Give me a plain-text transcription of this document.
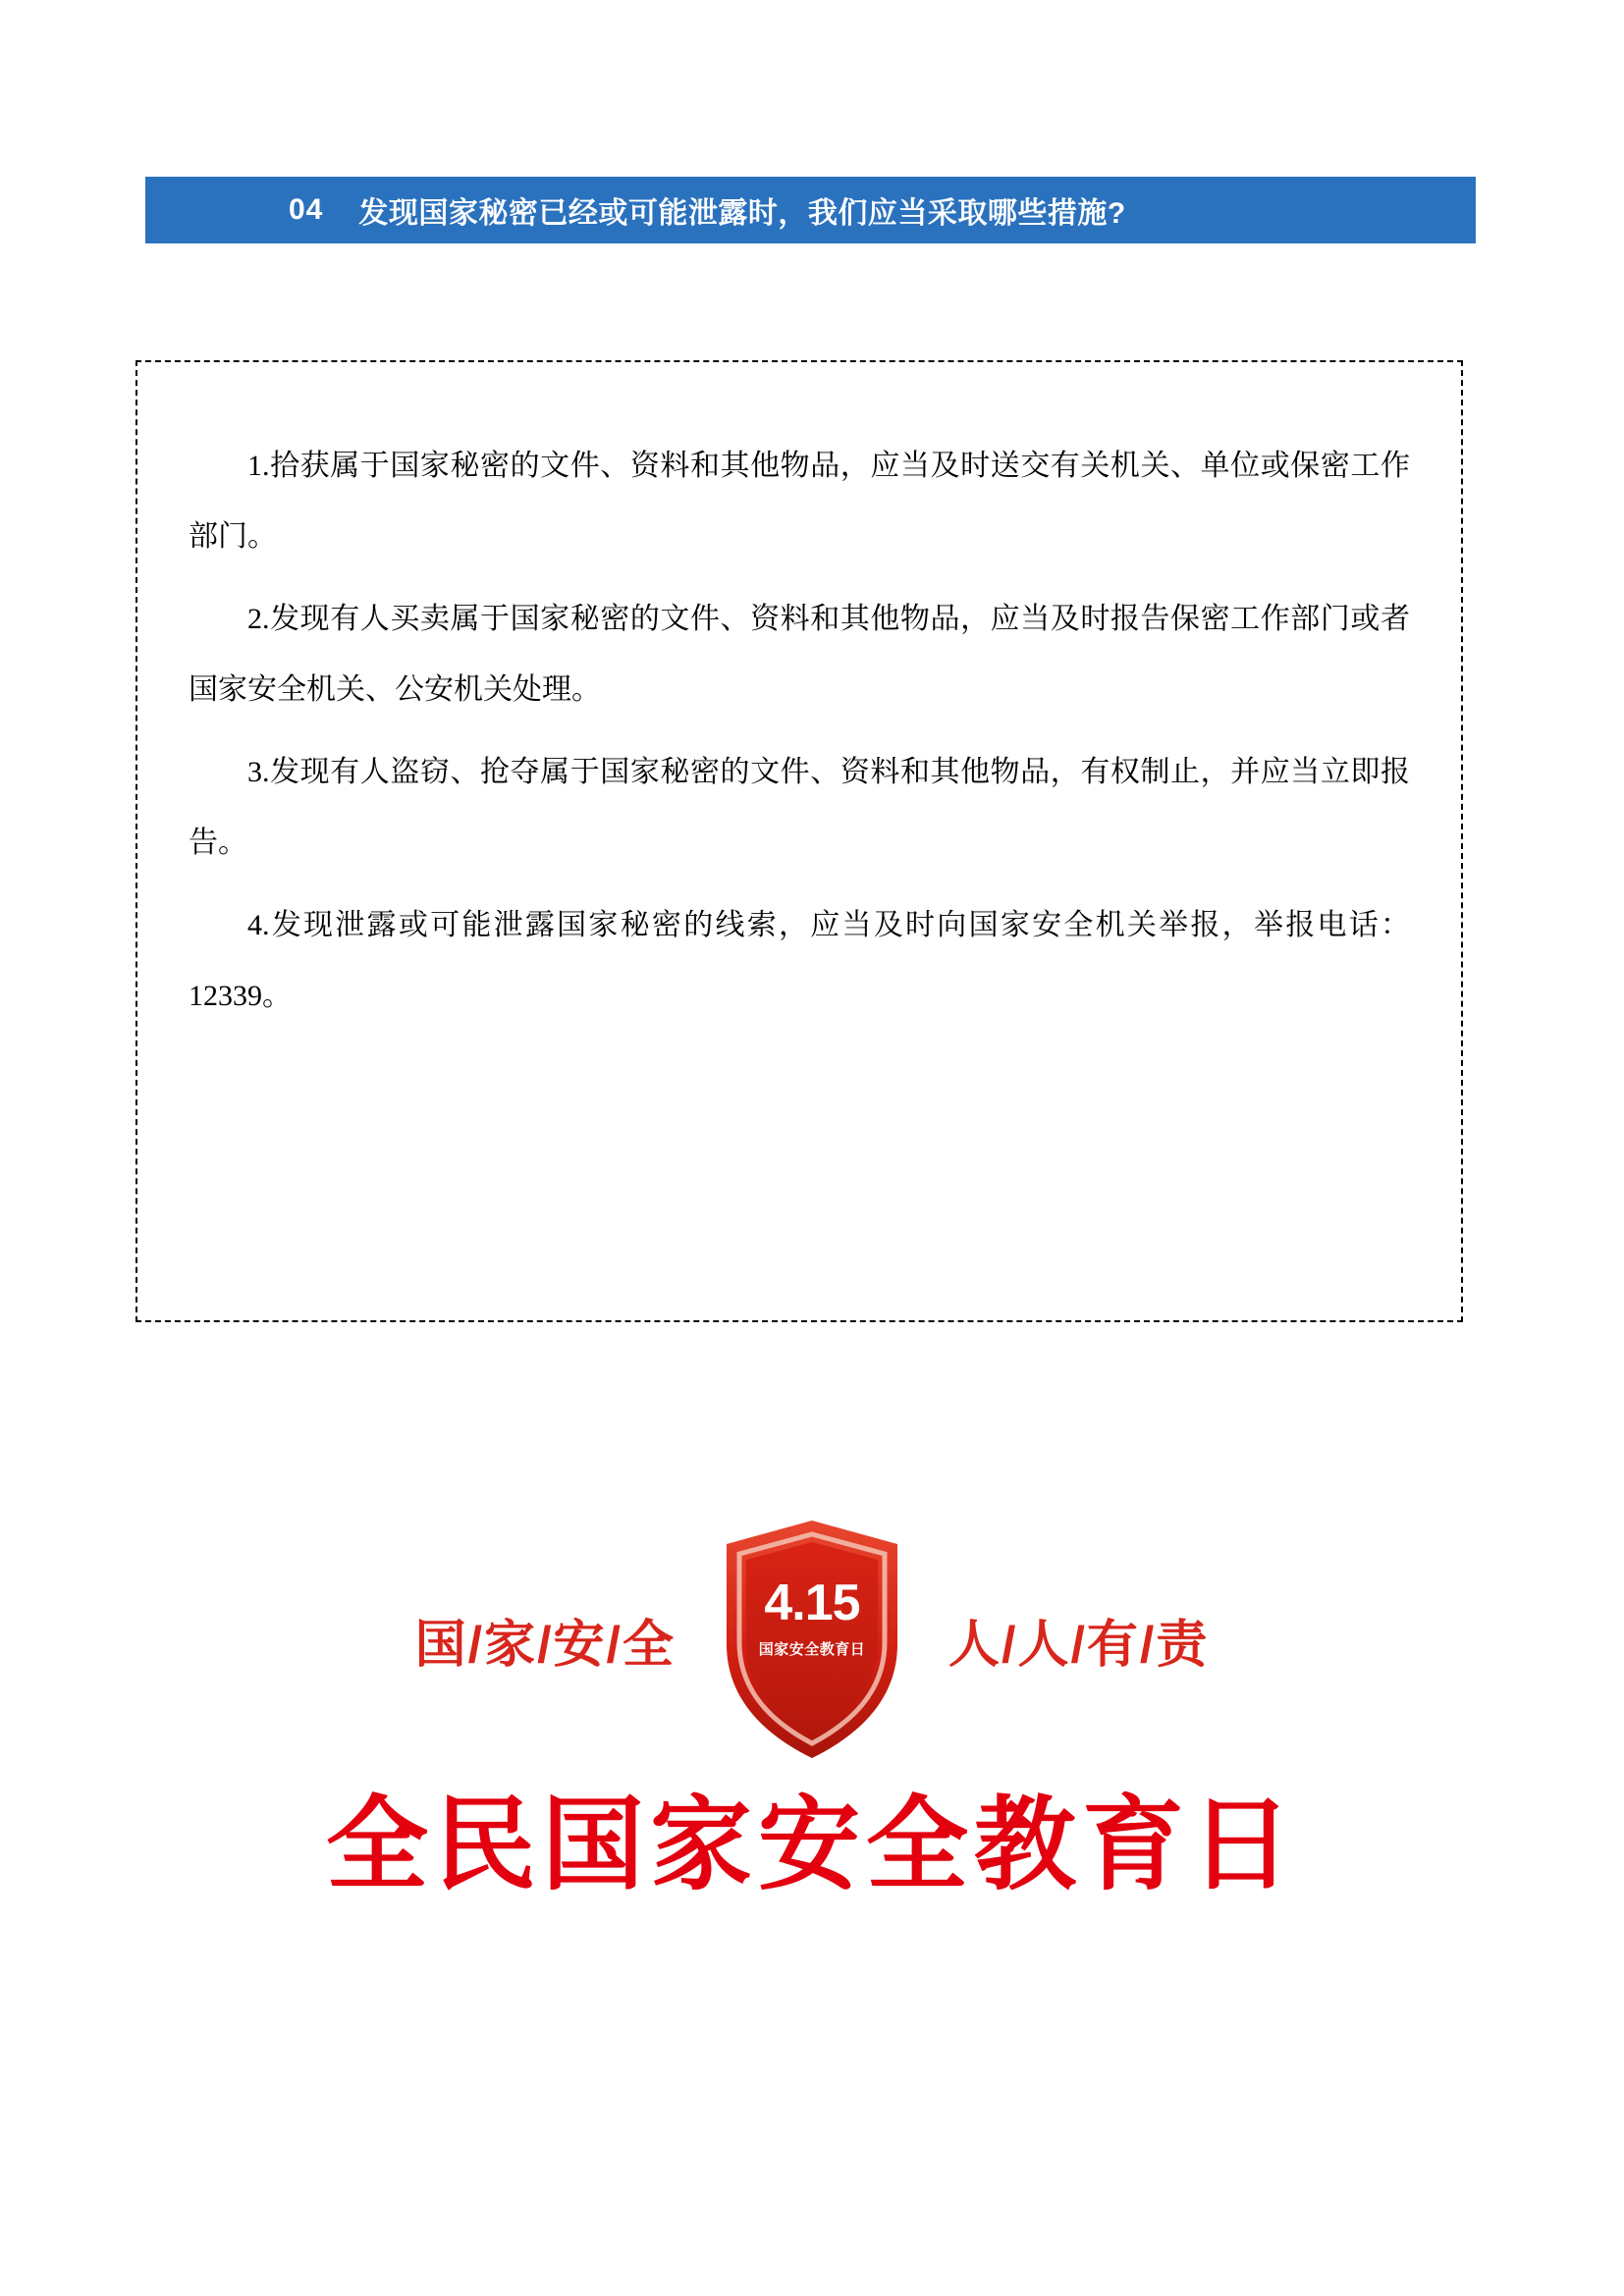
04 发现国家秘密已经或可能泄露时，我们应当采取哪些措施?

1.拾获属于国家秘密的文件、资料和其他物品，应当及时送交有关机关、单位或保密工作部门。

2.发现有人买卖属于国家秘密的文件、资料和其他物品，应当及时报告保密工作部门或者国家安全机关、公安机关处理。

3.发现有人盗窃、抢夺属于国家秘密的文件、资料和其他物品，有权制止，并应当立即报告。

4.发现泄露或可能泄露国家秘密的线索，应当及时向国家安全机关举报，举报电话：12339。

国/家/安/全
4.15
国家安全教育日	人/人/有/责
全民国家安全教育日
